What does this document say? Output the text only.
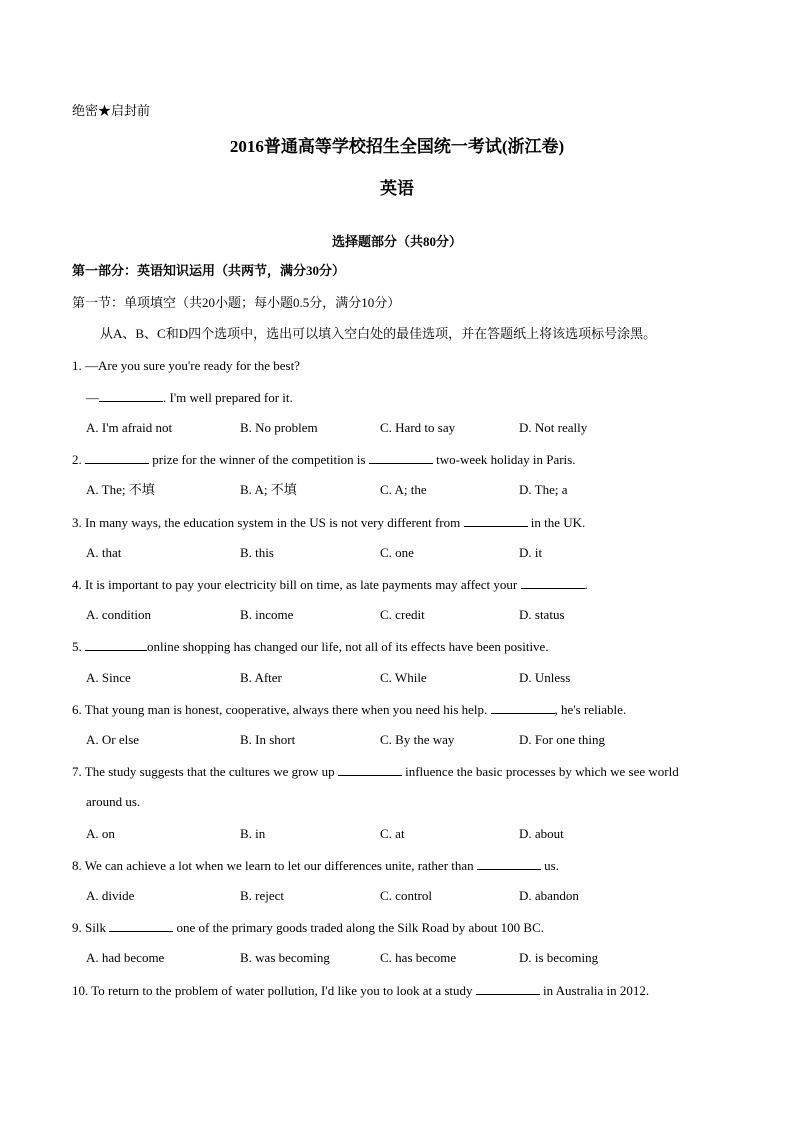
绝密★启封前
2016普通高等学校招生全国统一考试(浙江卷)
英语
选择题部分（共80分）
第一部分：英语知识运用（共两节，满分30分）
第一节：单项填空（共20小题；每小题0.5分，满分10分）
从A、B、C和D四个选项中，选出可以填入空白处的最佳选项，并在答题纸上将该选项标号涂黑。
1. —Are you sure you're ready for the best?
—	. I'm well prepared for it.
A. I'm afraid not	B. No problem	C. Hard to say	D. Not really
2.	prize for the winner of the competition is	two-week holiday in Paris.
A. The; 不填	B. A; 不填	C. A; the	D. The; a
3. In many ways, the education system in the US is not very different from	in the UK.
A. that	B. this	C. one	D. it
4. It is important to pay your electricity bill on time, as late payments may affect your	.
A. condition	B. income	C. credit	D. status
5.	online shopping has changed our life, not all of its effects have been positive.
A. Since	B. After	C. While	D. Unless
6. That young man is honest, cooperative, always there when you need his help.	, he's reliable.
A. Or else	B. In short	C. By the way	D. For one thing
7. The study suggests that the cultures we grow up	influence the basic processes by which we see world
around us.
A. on	B. in	C. at	D. about
8. We can achieve a lot when we learn to let our differences unite, rather than	us.
A. divide	B. reject	C. control	D. abandon
9. Silk	one of the primary goods traded along the Silk Road by about 100 BC.
A. had become	B. was becoming	C. has become	D. is becoming
10. To return to the problem of water pollution, I'd like you to look at a study	in Australia in 2012.
